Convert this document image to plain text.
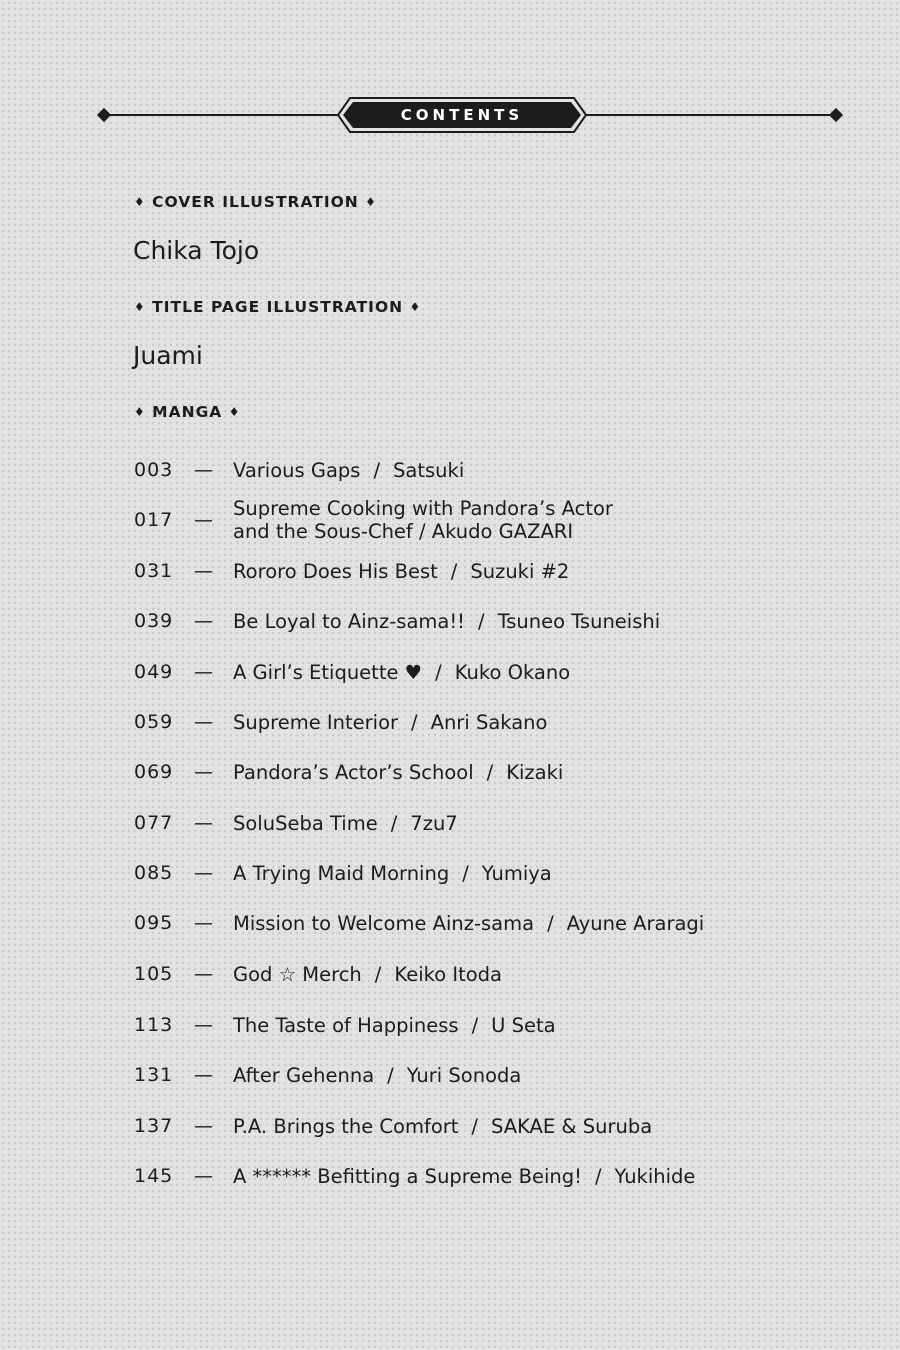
CONTENTS
♦ COVER ILLUSTRATION ♦
Chika Tojo
♦ TITLE PAGE ILLUSTRATION ♦
Juami
♦ MANGA ♦
003 — Various Gaps / Satsuki
017 — Supreme Cooking with Pandora’s Actor
and the Sous-Chef / Akudo GAZARI
031 — Rororo Does His Best / Suzuki #2
039 — Be Loyal to Ainz-sama!! / Tsuneo Tsuneishi
049 — A Girl’s Etiquette ♥ / Kuko Okano
059 — Supreme Interior / Anri Sakano
069 — Pandora’s Actor’s School / Kizaki
077 — SoluSeba Time / 7zu7
085 — A Trying Maid Morning / Yumiya
095 — Mission to Welcome Ainz-sama / Ayune Araragi
105 — God ☆ Merch / Keiko Itoda
113 — The Taste of Happiness / U Seta
131 — After Gehenna / Yuri Sonoda
137 — P.A. Brings the Comfort / SAKAE & Suruba
145 — A ****** Befitting a Supreme Being! / Yukihide
